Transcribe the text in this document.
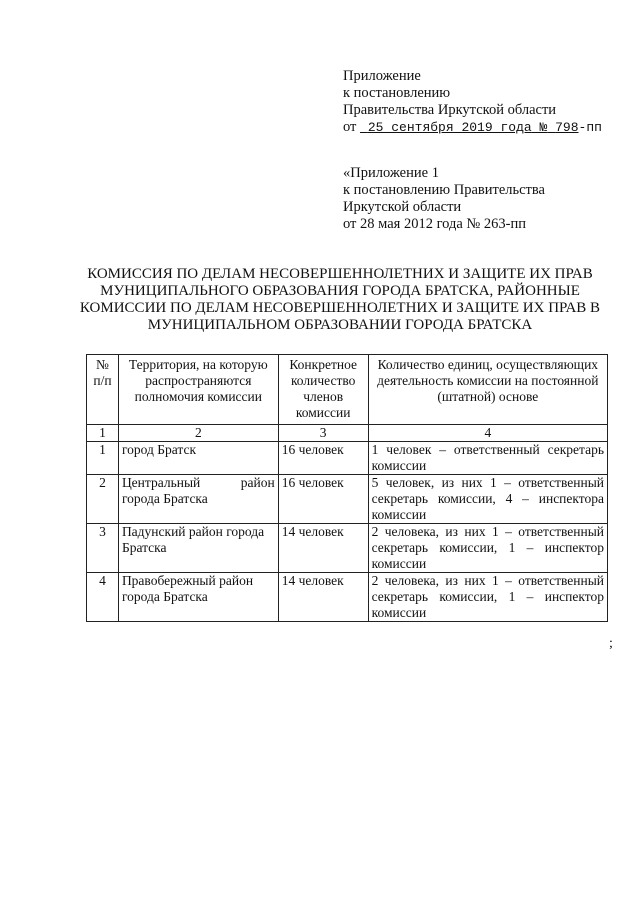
Приложение
к постановлению
Правительства Иркутской области
от 25 сентября 2019 года № 798-пп
«Приложение 1
к постановлению Правительства
Иркутской области
от 28 мая 2012 года № 263-пп
КОМИССИЯ ПО ДЕЛАМ НЕСОВЕРШЕННОЛЕТНИХ И ЗАЩИТЕ ИХ ПРАВ
МУНИЦИПАЛЬНОГО ОБРАЗОВАНИЯ ГОРОДА БРАТСКА, РАЙОННЫЕ
КОМИССИИ ПО ДЕЛАМ НЕСОВЕРШЕННОЛЕТНИХ И ЗАЩИТЕ ИХ ПРАВ В
МУНИЦИПАЛЬНОМ ОБРАЗОВАНИИ ГОРОДА БРАТСКА
№ п/п	Территория, на которую распространяются полномочия комиссии	Конкретное количество членов комиссии	Количество единиц, осуществляющих деятельность комиссии на постоянной (штатной) основе
1	2	3	4
1	город Братск	16 человек	1 человек – ответственный секретарь комиссии
2	Центральный район города Братска	16 человек	5 человек, из них 1 – ответственный секретарь комиссии, 4 – инспектора комиссии
3	Падунский район города Братска	14 человек	2 человека, из них 1 – ответственный секретарь комиссии, 1 – инспектор комиссии
4	Правобережный район города Братска	14 человек	2 человека, из них 1 – ответственный секретарь комиссии, 1 – инспектор комиссии
;
